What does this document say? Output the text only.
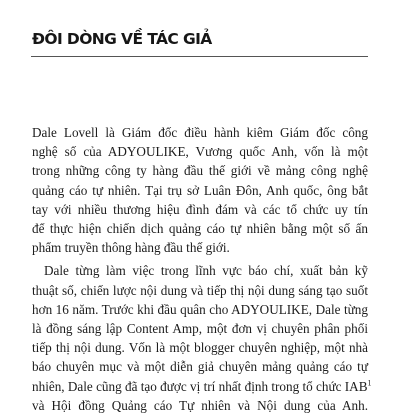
ĐÔI DÒNG VỀ TÁC GIẢ

Dale Lovell là Giám đốc điều hành kiêm Giám đốc công
nghệ số của ADYOULIKE, Vương quốc Anh, vốn là một
trong những công ty hàng đầu thế giới về mảng công nghệ
quảng cáo tự nhiên. Tại trụ sở Luân Đôn, Anh quốc, ông bắt
tay với nhiều thương hiệu đình đám và các tổ chức uy tín
để thực hiện chiến dịch quảng cáo tự nhiên bằng một số ấn
phẩm truyền thông hàng đầu thế giới.

Dale từng làm việc trong lĩnh vực báo chí, xuất bản kỹ
thuật số, chiến lược nội dung và tiếp thị nội dung sáng tạo suốt
hơn 16 năm. Trước khi đầu quân cho ADYOULIKE, Dale từng
là đồng sáng lập Content Amp, một đơn vị chuyên phân phối
tiếp thị nội dung. Vốn là một blogger chuyên nghiệp, một nhà
báo chuyên mục và một diễn giả chuyên mảng quảng cáo tự
nhiên, Dale cũng đã tạo được vị trí nhất định trong tổ chức IAB$^1$
và Hội đồng Quảng cáo Tự nhiên và Nội dung của Anh.
